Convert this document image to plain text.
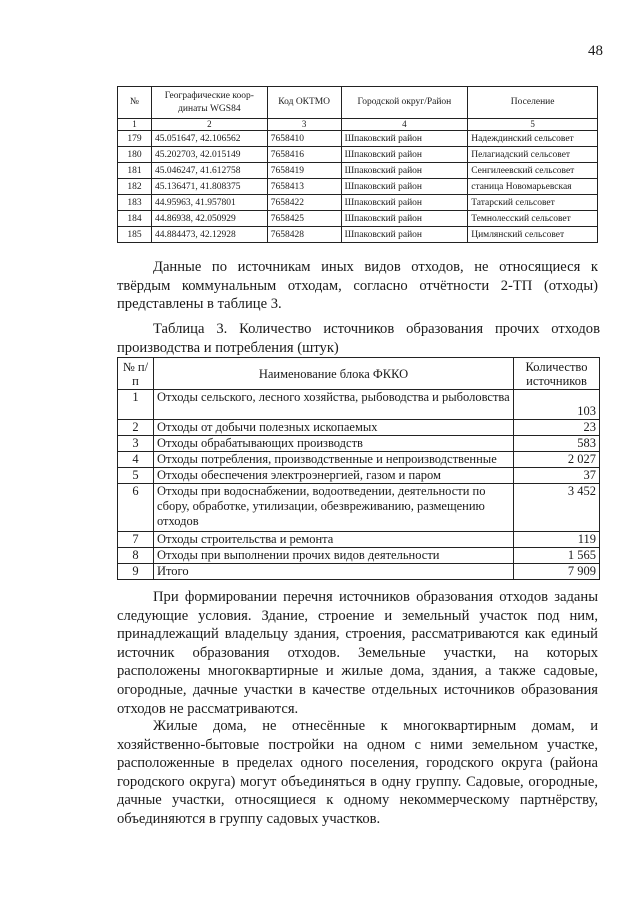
48
№	Географические коор-динаты WGS84	Код ОКТМО	Городской округ/Район	Поселение
1	2	3	4	5
179	45.051647, 42.106562	7658410	Шпаковский район	Надеждинский сельсовет
180	45.202703, 42.015149	7658416	Шпаковский район	Пелагиадский сельсовет
181	45.046247, 41.612758	7658419	Шпаковский район	Сенгилеевский сельсовет
182	45.136471, 41.808375	7658413	Шпаковский район	станица Новомарьевская
183	44.95963, 41.957801	7658422	Шпаковский район	Татарский сельсовет
184	44.86938, 42.050929	7658425	Шпаковский район	Темнолесский сельсовет
185	44.884473, 42.12928	7658428	Шпаковский район	Цимлянский сельсовет

Данные по источникам иных видов отходов, не относящиеся к твёрдым коммунальным отходам, согласно отчётности 2-ТП (отходы) представлены в таблице 3.

Таблица 3. Количество источников образования прочих отходов производства и потребления (штук)

№ п/п	Наименование блока ФККО	Количество источников
1	Отходы сельского, лесного хозяйства, рыбоводства и рыболовства	103
2	Отходы от добычи полезных ископаемых	23
3	Отходы обрабатывающих производств	583
4	Отходы потребления, производственные и непроизводственные	2 027
5	Отходы обеспечения электроэнергией, газом и паром	37
6	Отходы при водоснабжении, водоотведении, деятельности по сбору, обработке, утилизации, обезвреживанию, размещению отходов	3 452
7	Отходы строительства и ремонта	119
8	Отходы при выполнении прочих видов деятельности	1 565
9	Итого	7 909

При формировании перечня источников образования отходов заданы следующие условия. Здание, строение и земельный участок под ним, принадлежащий владельцу здания, строения, рассматриваются как единый источник образования отходов. Земельные участки, на которых расположены многоквартирные и жилые дома, здания, а также садовые, огородные, дачные участки в качестве отдельных источников образования отходов не рассматриваются.

Жилые дома, не отнесённые к многоквартирным домам, и хозяйственно-бытовые постройки на одном с ними земельном участке, расположенные в пределах одного поселения, городского округа (района городского округа) могут объединяться в одну группу. Садовые, огородные, дачные участки, относящиеся к одному некоммерческому партнёрству, объединяются в группу садовых участков.
